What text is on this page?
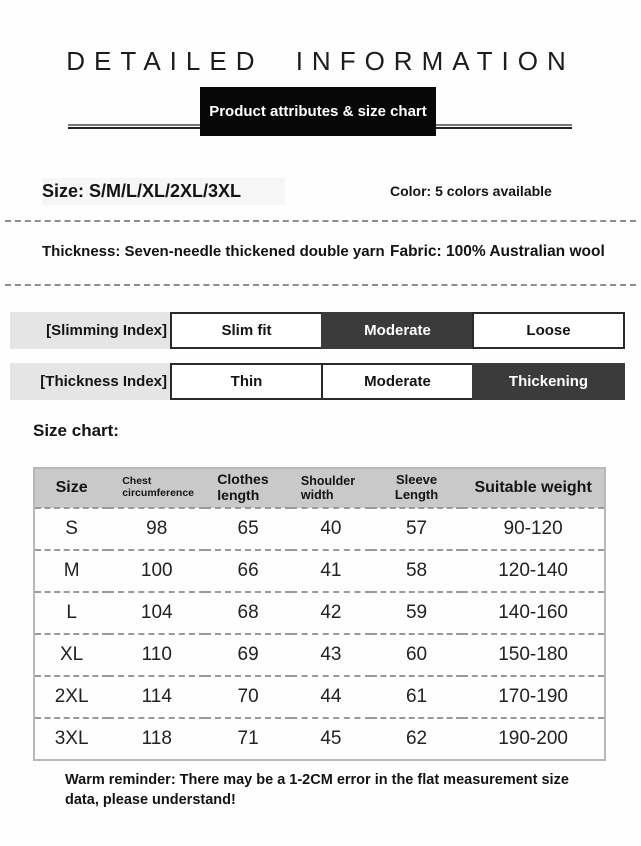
DETAILED INFORMATION
Product attributes & size chart
Size: S/M/L/XL/2XL/3XL	Color: 5 colors available
Thickness: Seven-needle thickened double yarn Fabric: 100% Australian wool
[Slimming Index]	Slim fit	Moderate	Loose
[Thickness Index]	Thin	Moderate	Thickening
Size chart:
Size	Chest circumference	Clothes length	Shoulder width	Sleeve Length	Suitable weight
S	98	65	40	57	90-120
M	100	66	41	58	120-140
L	104	68	42	59	140-160
XL	110	69	43	60	150-180
2XL	114	70	44	61	170-190
3XL	118	71	45	62	190-200

Warm reminder: There may be a 1-2CM error in the flat measurement size data, please understand!
